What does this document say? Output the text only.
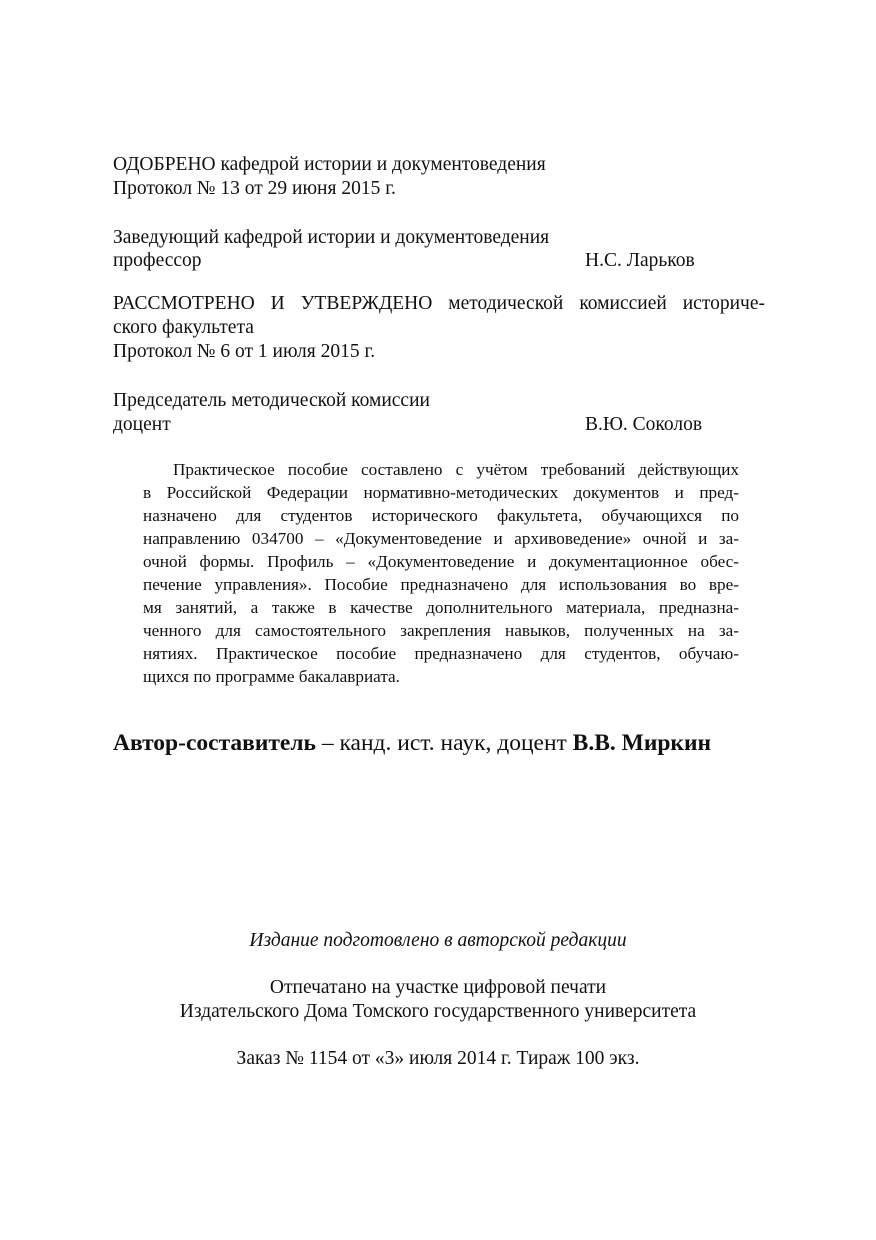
ОДОБРЕНО кафедрой истории и документоведения
Протокол № 13 от 29 июня 2015 г.
Заведующий кафедрой истории и документоведения
профессор	Н.С. Ларьков
РАССМОТРЕНО И УТВЕРЖДЕНО методической комиссией историче-
ского факультета
Протокол № 6 от 1 июля 2015 г.
Председатель методической комиссии
доцент	В.Ю. Соколов
Практическое пособие составлено с учётом требований действующих
в Российской Федерации нормативно-методических документов и пред-
назначено для студентов исторического факультета, обучающихся по
направлению 034700 – «Документоведение и архивоведение» очной и за-
очной формы. Профиль – «Документоведение и документационное обес-
печение управления». Пособие предназначено для использования во вре-
мя занятий, а также в качестве дополнительного материала, предназна-
ченного для самостоятельного закрепления навыков, полученных на за-
нятиях. Практическое пособие предназначено для студентов, обучаю-
щихся по программе бакалавриата.
Автор-составитель – канд. ист. наук, доцент В.В. Миркин
Издание подготовлено в авторской редакции
Отпечатано на участке цифровой печати
Издательского Дома Томского государственного университета
Заказ № 1154 от «3» июля 2014 г. Тираж 100 экз.
